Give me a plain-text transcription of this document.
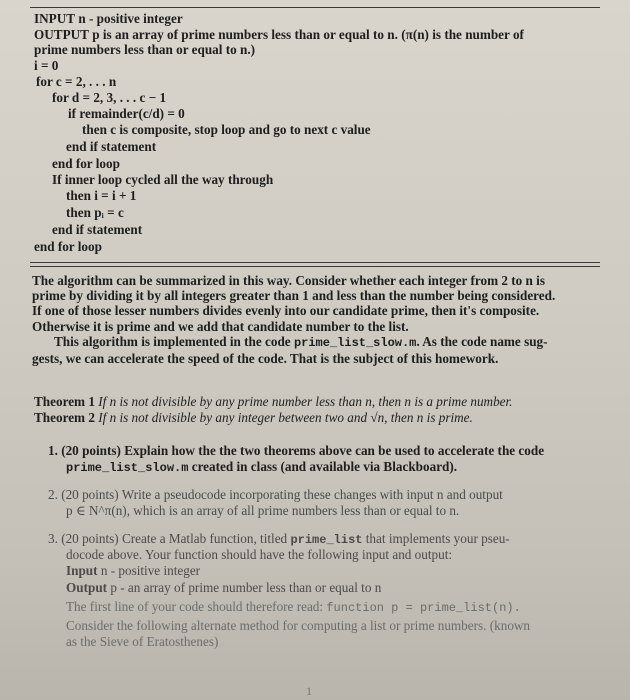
INPUT n - positive integer
OUTPUT p is an array of prime numbers less than or equal to n. (π(n) is the number of
prime numbers less than or equal to n.)
i = 0
for c = 2, . . . n
for d = 2, 3, . . . c − 1
if remainder(c/d) = 0
then c is composite, stop loop and go to next c value
end if statement
end for loop
If inner loop cycled all the way through
then i = i + 1
then pᵢ = c
end if statement
end for loop
The algorithm can be summarized in this way. Consider whether each integer from 2 to n is
prime by dividing it by all integers greater than 1 and less than the number being considered.
If one of those lesser numbers divides evenly into our candidate prime, then it's composite.
Otherwise it is prime and we add that candidate number to the list.
This algorithm is implemented in the code prime_list_slow.m. As the code name sug-
gests, we can accelerate the speed of the code. That is the subject of this homework.
Theorem 1 If n is not divisible by any prime number less than n, then n is a prime number.
Theorem 2 If n is not divisible by any integer between two and √n, then n is prime.
1. (20 points) Explain how the the two theorems above can be used to accelerate the code
prime_list_slow.m created in class (and available via Blackboard).
2. (20 points) Write a pseudocode incorporating these changes with input n and output
p ∈ N^π(n), which is an array of all prime numbers less than or equal to n.
3. (20 points) Create a Matlab function, titled prime_list that implements your pseu-
docode above. Your function should have the following input and output:
Input n - positive integer
Output p - an array of prime number less than or equal to n
The first line of your code should therefore read: function p = prime_list(n).
Consider the following alternate method for computing a list or prime numbers. (known
as the Sieve of Eratosthenes)
1
